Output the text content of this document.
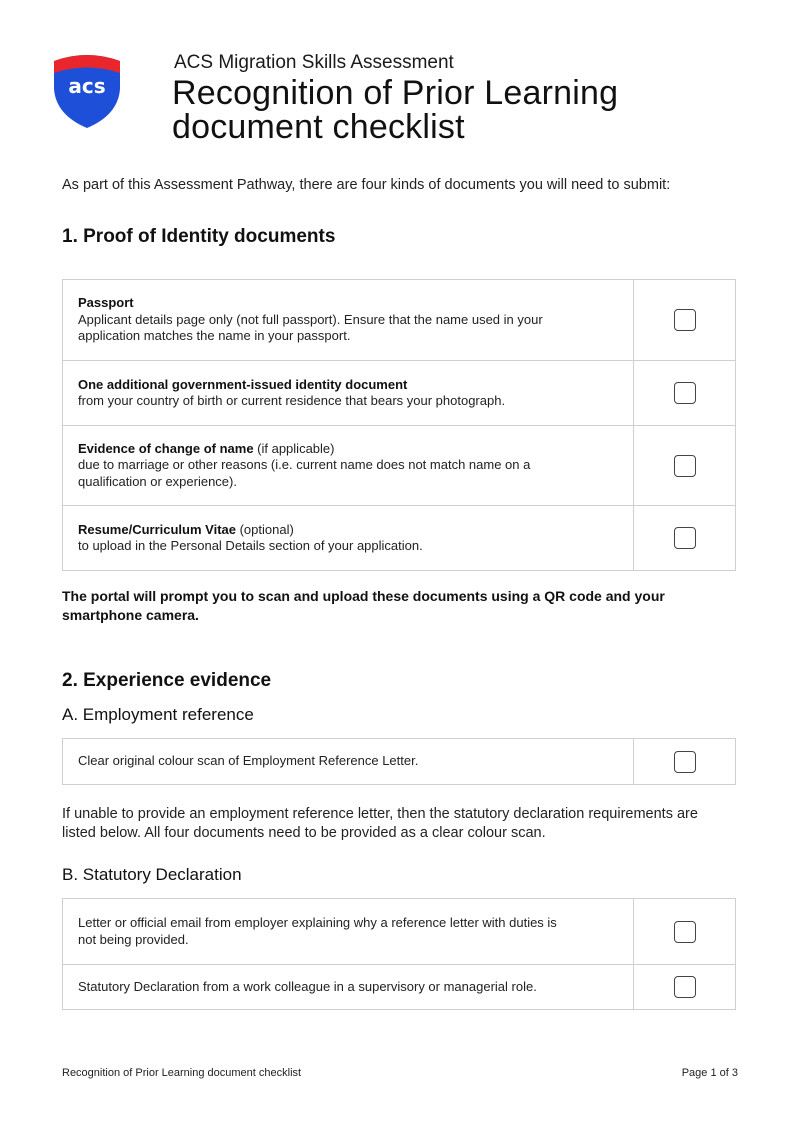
acs
ACS Migration Skills Assessment
Recognition of Prior Learning
document checklist
As part of this Assessment Pathway, there are four kinds of documents you will need to submit:
1. Proof of Identity documents
Passport
Applicant details page only (not full passport). Ensure that the name used in your
application matches the name in your passport.
One additional government-issued identity document
from your country of birth or current residence that bears your photograph.
Evidence of change of name (if applicable)
due to marriage or other reasons (i.e. current name does not match name on a
qualification or experience).
Resume/Curriculum Vitae (optional)
to upload in the Personal Details section of your application.
The portal will prompt you to scan and upload these documents using a QR code and your
smartphone camera.
2. Experience evidence
A. Employment reference
Clear original colour scan of Employment Reference Letter.
If unable to provide an employment reference letter, then the statutory declaration requirements are
listed below. All four documents need to be provided as a clear colour scan.
B. Statutory Declaration
Letter or official email from employer explaining why a reference letter with duties is
not being provided.
Statutory Declaration from a work colleague in a supervisory or managerial role.
Recognition of Prior Learning document checklist	Page 1 of 3
